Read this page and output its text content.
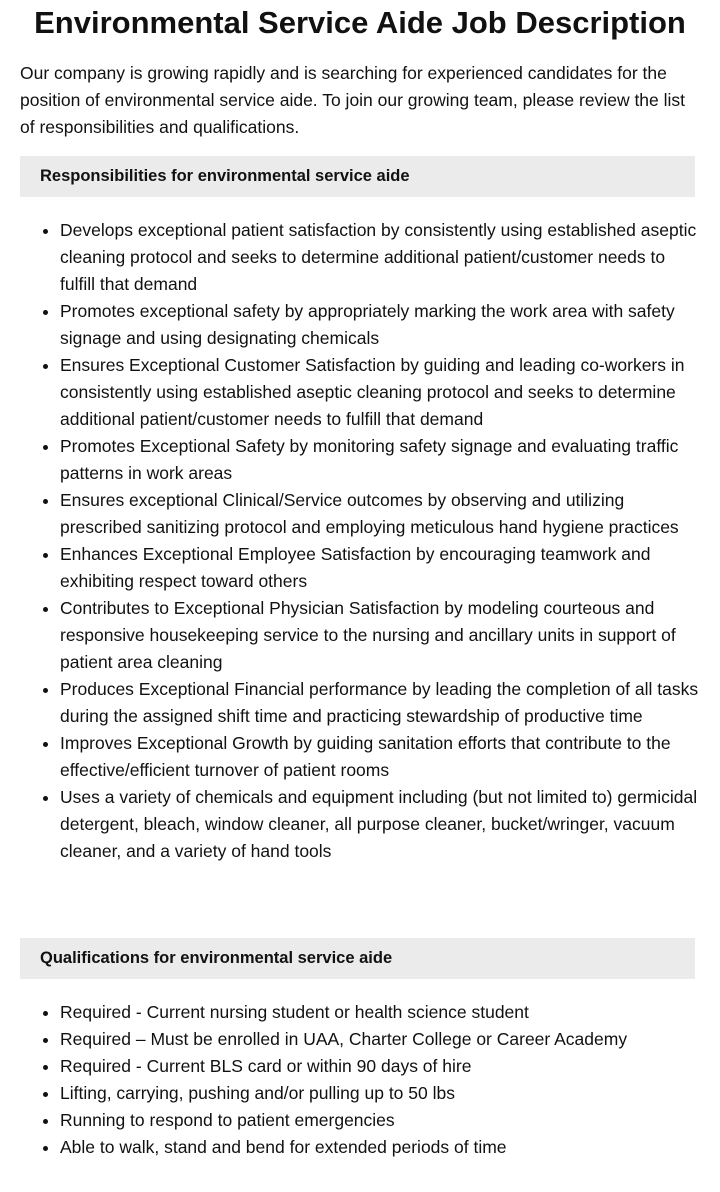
Environmental Service Aide Job Description

Our company is growing rapidly and is searching for experienced candidates for the position of environmental service aide. To join our growing team, please review the list of responsibilities and qualifications.

Responsibilities for environmental service aide
• Develops exceptional patient satisfaction by consistently using established aseptic cleaning protocol and seeks to determine additional patient/customer needs to fulfill that demand
• Promotes exceptional safety by appropriately marking the work area with safety signage and using designating chemicals
• Ensures Exceptional Customer Satisfaction by guiding and leading co-workers in consistently using established aseptic cleaning protocol and seeks to determine additional patient/customer needs to fulfill that demand
• Promotes Exceptional Safety by monitoring safety signage and evaluating traffic patterns in work areas
• Ensures exceptional Clinical/Service outcomes by observing and utilizing prescribed sanitizing protocol and employing meticulous hand hygiene practices
• Enhances Exceptional Employee Satisfaction by encouraging teamwork and exhibiting respect toward others
• Contributes to Exceptional Physician Satisfaction by modeling courteous and responsive housekeeping service to the nursing and ancillary units in support of patient area cleaning
• Produces Exceptional Financial performance by leading the completion of all tasks during the assigned shift time and practicing stewardship of productive time
• Improves Exceptional Growth by guiding sanitation efforts that contribute to the effective/efficient turnover of patient rooms
• Uses a variety of chemicals and equipment including (but not limited to) germicidal detergent, bleach, window cleaner, all purpose cleaner, bucket/wringer, vacuum cleaner, and a variety of hand tools
Qualifications for environmental service aide
• Required - Current nursing student or health science student
• Required – Must be enrolled in UAA, Charter College or Career Academy
• Required - Current BLS card or within 90 days of hire
• Lifting, carrying, pushing and/or pulling up to 50 lbs
• Running to respond to patient emergencies
• Able to walk, stand and bend for extended periods of time
